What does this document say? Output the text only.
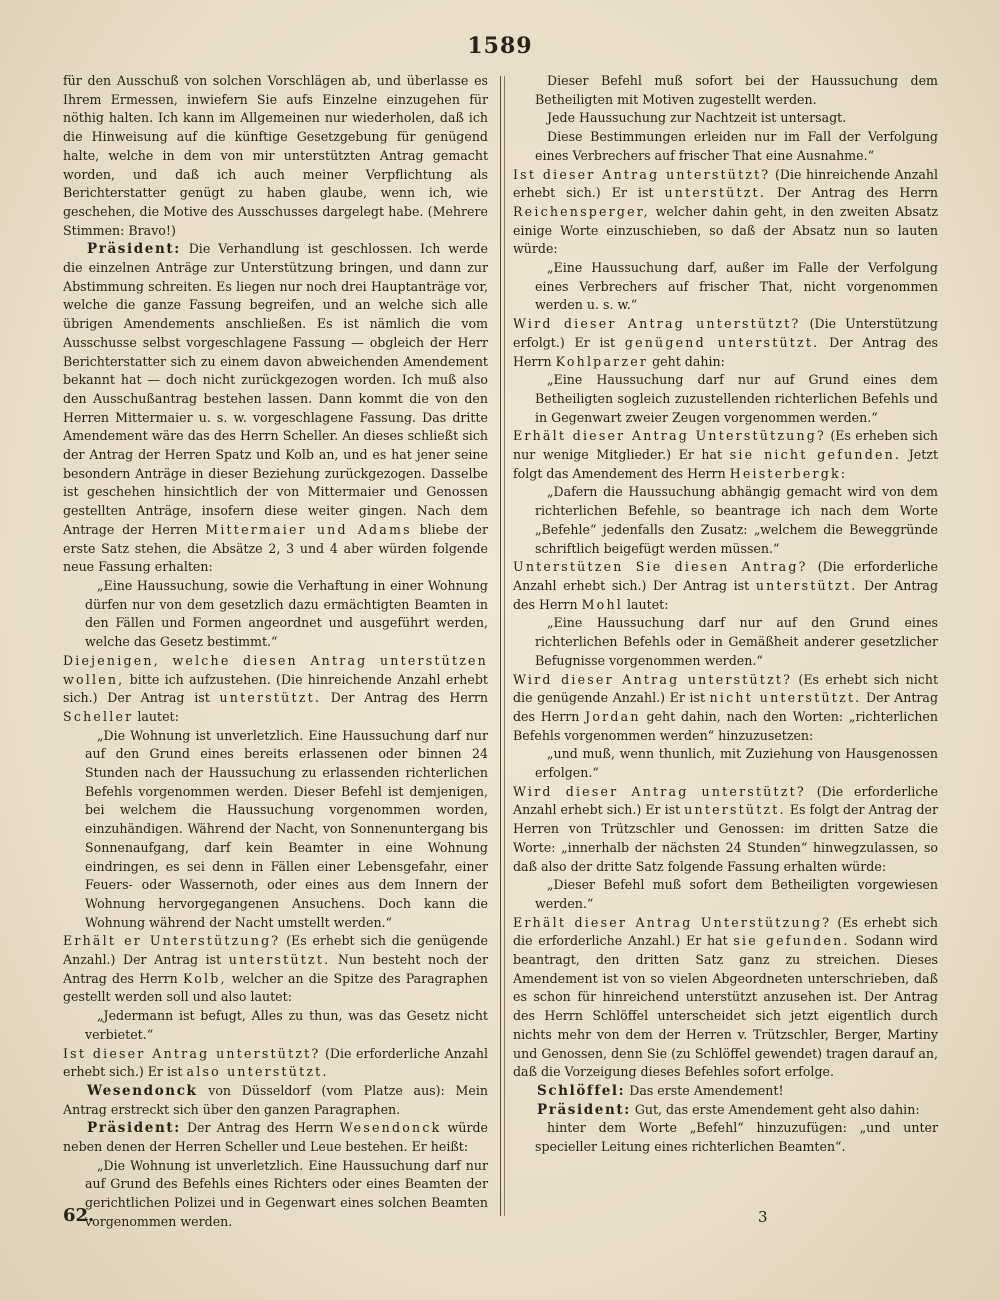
1589

für den Ausschuß von solchen Vorschlägen ab, und überlasse es Ihrem Ermessen, inwiefern Sie aufs Einzelne einzugehen für nöthig halten. Ich kann im Allgemeinen nur wiederholen, daß ich die Hinweisung auf die künftige Gesetzgebung für genügend halte, welche in dem von mir unterstützten Antrag gemacht worden, und daß ich auch meiner Verpflichtung als Berichterstatter genügt zu haben glaube, wenn ich, wie geschehen, die Motive des Ausschusses dargelegt habe. (Mehrere Stimmen: Bravo!)

Präsident: Die Verhandlung ist geschlossen. Ich werde die einzelnen Anträge zur Unterstützung bringen, und dann zur Abstimmung schreiten. Es liegen nur noch drei Hauptanträge vor, welche die ganze Fassung begreifen, und an welche sich alle übrigen Amendements anschließen. Es ist nämlich die vom Ausschusse selbst vorgeschlagene Fassung — obgleich der Herr Berichterstatter sich zu einem davon abweichenden Amendement bekannt hat — doch nicht zurückgezogen worden. Ich muß also den Ausschußantrag bestehen lassen. Dann kommt die von den Herren Mittermaier u. s. w. vorgeschlagene Fassung. Das dritte Amendement wäre das des Herrn Scheller. An dieses schließt sich der Antrag der Herren Spatz und Kolb an, und es hat jener seine besondern Anträge in dieser Beziehung zurückgezogen. Dasselbe ist geschehen hinsichtlich der von Mittermaier und Genossen gestellten Anträge, insofern diese weiter gingen. Nach dem Antrage der Herren Mittermaier und Adams bliebe der erste Satz stehen, die Absätze 2, 3 und 4 aber würden folgende neue Fassung erhalten:

„Eine Haussuchung, sowie die Verhaftung in einer Wohnung dürfen nur von dem gesetzlich dazu ermächtigten Beamten in den Fällen und Formen angeordnet und ausgeführt werden, welche das Gesetz bestimmt.“

Diejenigen, welche diesen Antrag unterstützen wollen, bitte ich aufzustehen. (Die hinreichende Anzahl erhebt sich.) Der Antrag ist unterstützt. Der Antrag des Herrn Scheller lautet:

„Die Wohnung ist unverletzlich. Eine Haussuchung darf nur auf den Grund eines bereits erlassenen oder binnen 24 Stunden nach der Haussuchung zu erlassenden richterlichen Befehls vorgenommen werden. Dieser Befehl ist demjenigen, bei welchem die Haussuchung vorgenommen worden, einzuhändigen. Während der Nacht, von Sonnenuntergang bis Sonnenaufgang, darf kein Beamter in eine Wohnung eindringen, es sei denn in Fällen einer Lebensgefahr, einer Feuers- oder Wassernoth, oder eines aus dem Innern der Wohnung hervorgegangenen Ansuchens. Doch kann die Wohnung während der Nacht umstellt werden.“

Erhält er Unterstützung? (Es erhebt sich die genügende Anzahl.) Der Antrag ist unterstützt. Nun besteht noch der Antrag des Herrn Kolb, welcher an die Spitze des Paragraphen gestellt werden soll und also lautet:

„Jedermann ist befugt, Alles zu thun, was das Gesetz nicht verbietet.“

Ist dieser Antrag unterstützt? (Die erforderliche Anzahl erhebt sich.) Er ist also unterstützt.

Wesendonck von Düsseldorf (vom Platze aus): Mein Antrag erstreckt sich über den ganzen Paragraphen.

Präsident: Der Antrag des Herrn Wesendonck würde neben denen der Herren Scheller und Leue bestehen. Er heißt:

„Die Wohnung ist unverletzlich. Eine Haussuchung darf nur auf Grund des Befehls eines Richters oder eines Beamten der gerichtlichen Polizei und in Gegenwart eines solchen Beamten vorgenommen werden.

Dieser Befehl muß sofort bei der Haussuchung dem Betheiligten mit Motiven zugestellt werden.

Jede Haussuchung zur Nachtzeit ist untersagt.

Diese Bestimmungen erleiden nur im Fall der Verfolgung eines Verbrechers auf frischer That eine Ausnahme.“

Ist dieser Antrag unterstützt? (Die hinreichende Anzahl erhebt sich.) Er ist unterstützt. Der Antrag des Herrn Reichensperger, welcher dahin geht, in den zweiten Absatz einige Worte einzuschieben, so daß der Absatz nun so lauten würde:

„Eine Haussuchung darf, außer im Falle der Verfolgung eines Verbrechers auf frischer That, nicht vorgenommen werden u. s. w.“

Wird dieser Antrag unterstützt? (Die Unterstützung erfolgt.) Er ist genügend unterstützt. Der Antrag des Herrn Kohlparzer geht dahin:

„Eine Haussuchung darf nur auf Grund eines dem Betheiligten sogleich zuzustellenden richterlichen Befehls und in Gegenwart zweier Zeugen vorgenommen werden.“

Erhält dieser Antrag Unterstützung? (Es erheben sich nur wenige Mitglieder.) Er hat sie nicht gefunden. Jetzt folgt das Amendement des Herrn Heisterbergk:

„Dafern die Haussuchung abhängig gemacht wird von dem richterlichen Befehle, so beantrage ich nach dem Worte „Befehle“ jedenfalls den Zusatz: „welchem die Beweggründe schriftlich beigefügt werden müssen.“

Unterstützen Sie diesen Antrag? (Die erforderliche Anzahl erhebt sich.) Der Antrag ist unterstützt. Der Antrag des Herrn Mohl lautet:

„Eine Haussuchung darf nur auf den Grund eines richterlichen Befehls oder in Gemäßheit anderer gesetzlicher Befugnisse vorgenommen werden.“

Wird dieser Antrag unterstützt? (Es erhebt sich nicht die genügende Anzahl.) Er ist nicht unterstützt. Der Antrag des Herrn Jordan geht dahin, nach den Worten: „richterlichen Befehls vorgenommen werden“ hinzuzusetzen:

„und muß, wenn thunlich, mit Zuziehung von Hausgenossen erfolgen.“

Wird dieser Antrag unterstützt? (Die erforderliche Anzahl erhebt sich.) Er ist unterstützt. Es folgt der Antrag der Herren von Trützschler und Genossen: im dritten Satze die Worte: „innerhalb der nächsten 24 Stunden“ hinwegzulassen, so daß also der dritte Satz folgende Fassung erhalten würde:

„Dieser Befehl muß sofort dem Betheiligten vorgewiesen werden.“

Erhält dieser Antrag Unterstützung? (Es erhebt sich die erforderliche Anzahl.) Er hat sie gefunden. Sodann wird beantragt, den dritten Satz ganz zu streichen. Dieses Amendement ist von so vielen Abgeordneten unterschrieben, daß es schon für hinreichend unterstützt anzusehen ist. Der Antrag des Herrn Schlöffel unterscheidet sich jetzt eigentlich durch nichts mehr von dem der Herren v. Trützschler, Berger, Martiny und Genossen, denn Sie (zu Schlöffel gewendet) tragen darauf an, daß die Vorzeigung dieses Befehles sofort erfolge.

Schlöffel: Das erste Amendement!

Präsident: Gut, das erste Amendement geht also dahin:

hinter dem Worte „Befehl“ hinzuzufügen: „und unter specieller Leitung eines richterlichen Beamten“.

62.	3
